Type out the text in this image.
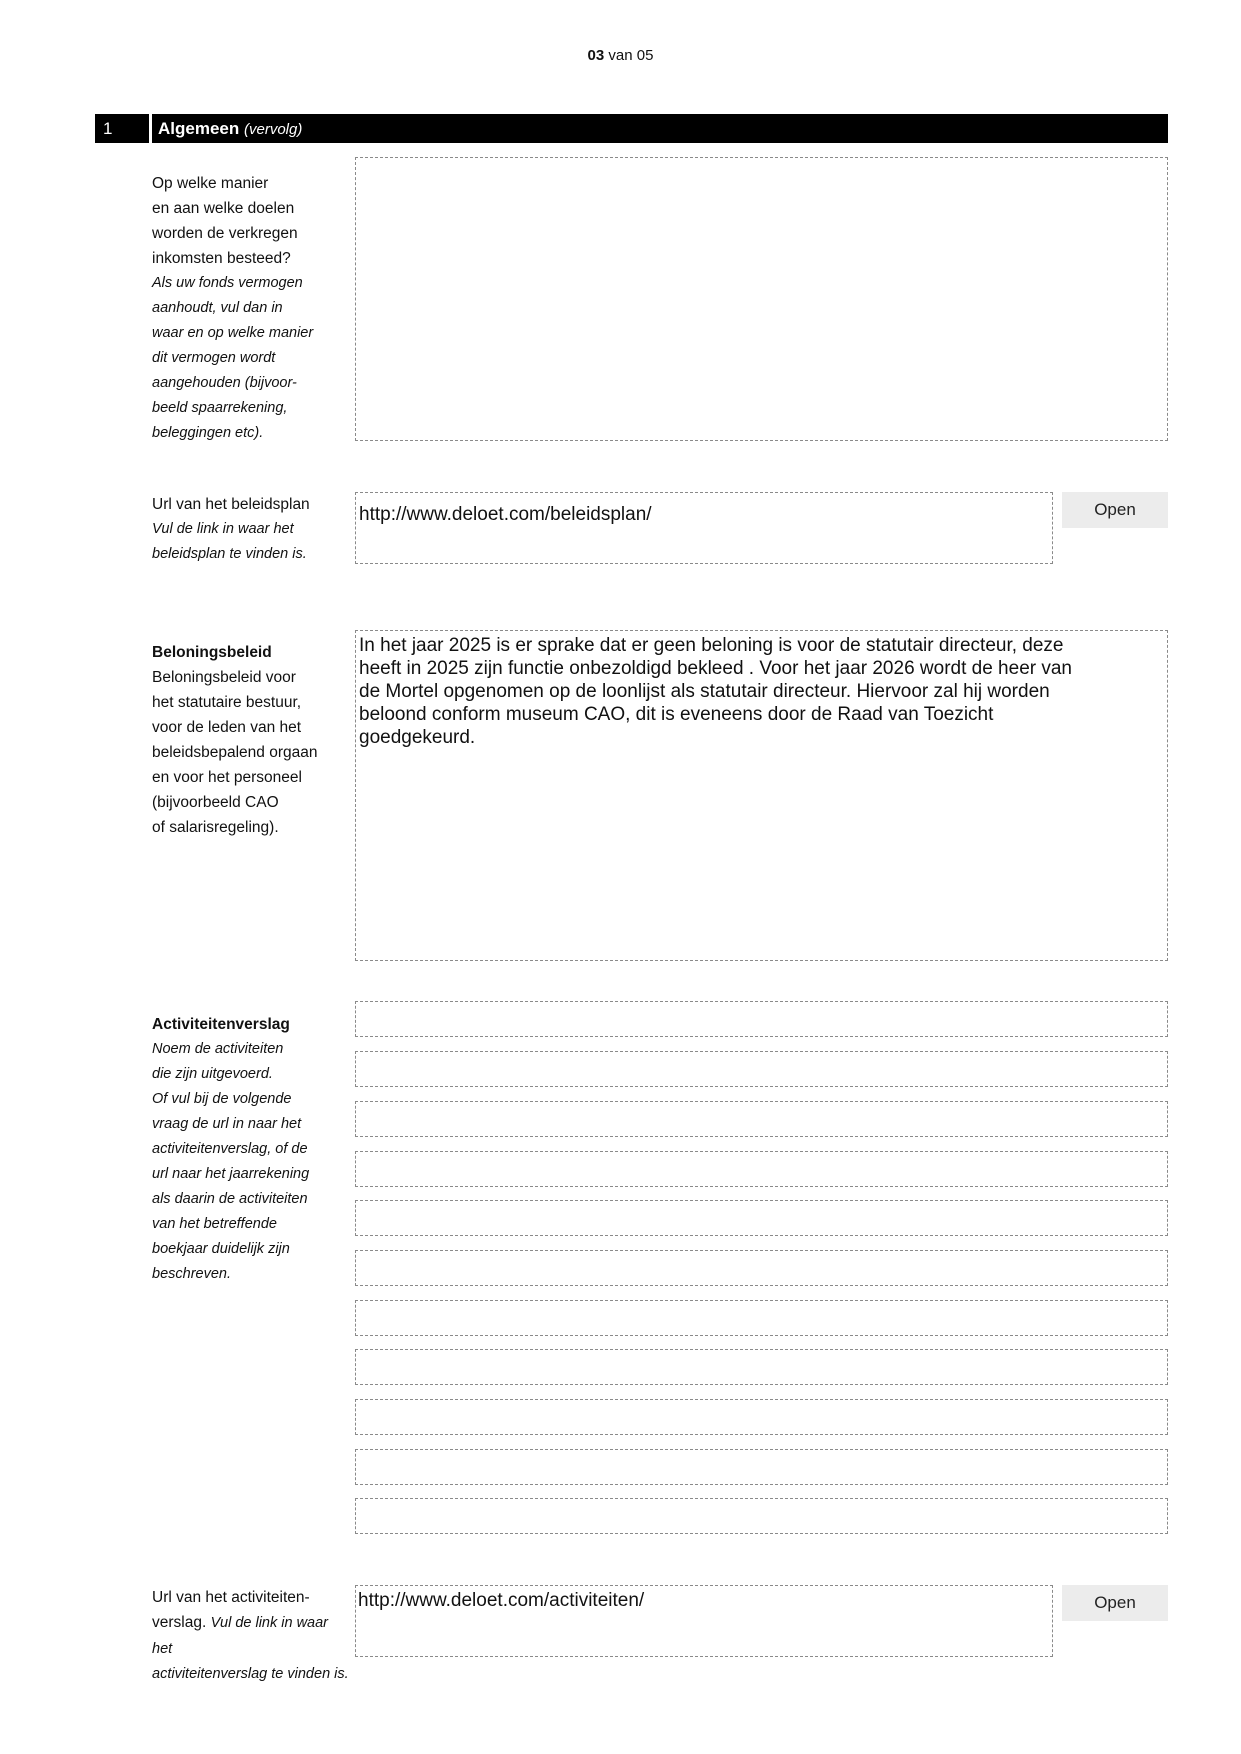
03 van 05
1	Algemeen (vervolg)
Op welke manier
en aan welke doelen
worden de verkregen
inkomsten besteed?
Als uw fonds vermogen
aanhoudt, vul dan in
waar en op welke manier
dit vermogen wordt
aangehouden (bijvoor-
beeld spaarrekening,
beleggingen etc).
Url van het beleidsplan
Vul de link in waar het
beleidsplan te vinden is.
http://www.deloet.com/beleidsplan/	Open
Beloningsbeleid
Beloningsbeleid voor
het statutaire bestuur,
voor de leden van het
beleidsbepalend orgaan
en voor het personeel
(bijvoorbeeld CAO
of salarisregeling).
In het jaar 2025 is er sprake dat er geen beloning is voor de statutair directeur, deze
heeft in 2025 zijn functie onbezoldigd bekleed . Voor het jaar 2026 wordt de heer van
de Mortel opgenomen op de loonlijst als statutair directeur. Hiervoor zal hij worden
beloond conform museum CAO, dit is eveneens door de Raad van Toezicht
goedgekeurd.
Activiteitenverslag
Noem de activiteiten
die zijn uitgevoerd.
Of vul bij de volgende
vraag de url in naar het
activiteitenverslag, of de
url naar het jaarrekening
als daarin de activiteiten
van het betreffende
boekjaar duidelijk zijn
beschreven.
Url van het activiteiten-
verslag. Vul de link in waar het
activiteitenverslag te vinden is.
http://www.deloet.com/activiteiten/	Open
